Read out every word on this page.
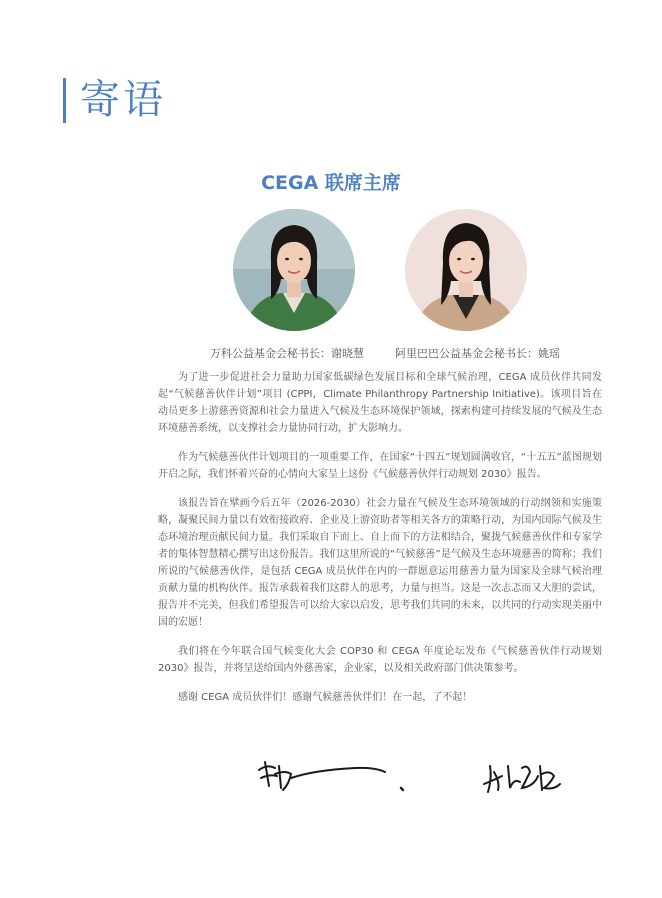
寄语
CEGA 联席主席
万科公益基金会秘书长：谢晓慧	阿里巴巴公益基金会秘书长：姚瑶

为了进一步促进社会力量助力国家低碳绿色发展目标和全球气候治理，CEGA 成员伙伴共同发起“气候慈善伙伴计划”项目 (CPPI，Climate Philanthropy Partnership Initiative)。该项目旨在动员更多上游慈善资源和社会力量进入气候及生态环境保护领域，探索构建可持续发展的气候及生态环境慈善系统，以支撑社会力量协同行动，扩大影响力。

作为气候慈善伙伴计划项目的一项重要工作，在国家“十四五”规划圆满收官，“十五五”蓝图规划开启之际，我们怀着兴奋的心情向大家呈上这份《气候慈善伙伴行动规划 2030》报告。

该报告旨在擘画今后五年（2026-2030）社会力量在气候及生态环境领域的行动纲领和实施策略，凝聚民间力量以有效衔接政府、企业及上游资助者等相关各方的策略行动，为国内国际气候及生态环境治理贡献民间力量。我们采取自下而上、自上而下的方法相结合，聚拢气候慈善伙伴和专家学者的集体智慧精心撰写出这份报告。我们这里所说的“气候慈善”是气候及生态环境慈善的简称；我们所说的气候慈善伙伴，是包括 CEGA 成员伙伴在内的一群愿意运用慈善力量为国家及全球气候治理贡献力量的机构伙伴。报告承载着我们这群人的思考，力量与担当。这是一次忐忑而又大胆的尝试，报告并不完美，但我们希望报告可以给大家以启发，思考我们共同的未来，以共同的行动实现美丽中国的宏愿！

我们将在今年联合国气候变化大会 COP30 和 CEGA 年度论坛发布《气候慈善伙伴行动规划 2030》报告，并将呈送给国内外慈善家，企业家，以及相关政府部门供决策参考。

感谢 CEGA 成员伙伴们！感谢气候慈善伙伴们！在一起，了不起！
